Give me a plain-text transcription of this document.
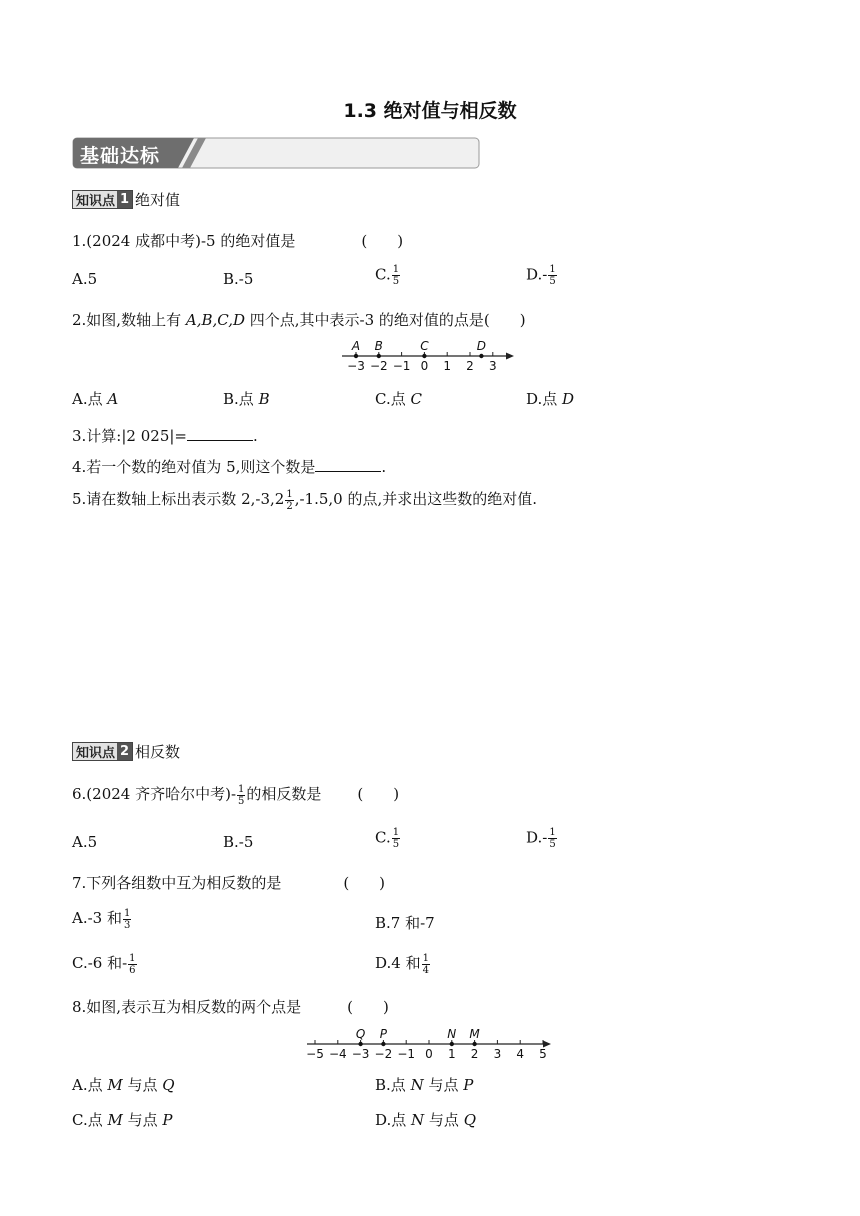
1.3 绝对值与相反数
基础达标
知识点 1 绝对值
1.(2024 成都中考)-5 的绝对值是	(　　)
A.5	B.-5	C. $\frac{1}{5}$	$D.- \frac{1}{5}$
2.如图,数轴上有 A,B,C,D 四个点,其中表示-3 的绝对值的点是(　　)
−3 −2 −1 0 1 2 3
A B	C	D
A.点 A	B.点 B	C.点 C	D.点 D
3.计算:|2 025|=	.
4.若一个数的绝对值为 5,则这个数是	.
5.请在数轴上标出表示数 $2,-3,2 \frac{1}{2} ,-1.5,0$ 的点,并求出这些数的绝对值.
知识点 2 相反数
6.(2024 齐齐哈尔中考)- $\frac{1}{5}$ 的相反数是 (　　)
A.5	B.-5	C. $\frac{1}{5}$	$D.- \frac{1}{5}$
7.下列各组数中互为相反数的是	(　　)
A.-3 和 $\frac{1}{3}$	B.7 和-7
C.-6 和- $\frac{1}{6}$	D.4 和 $\frac{1}{4}$
8.如图,表示互为相反数的两个点是	(　　)
−5 −4 −3 −2 −1 0 1 2 3 4 5
Q P	N M
A.点 M 与点 Q	B.点 N 与点 P
C.点 M 与点 P	D.点 N 与点 Q
